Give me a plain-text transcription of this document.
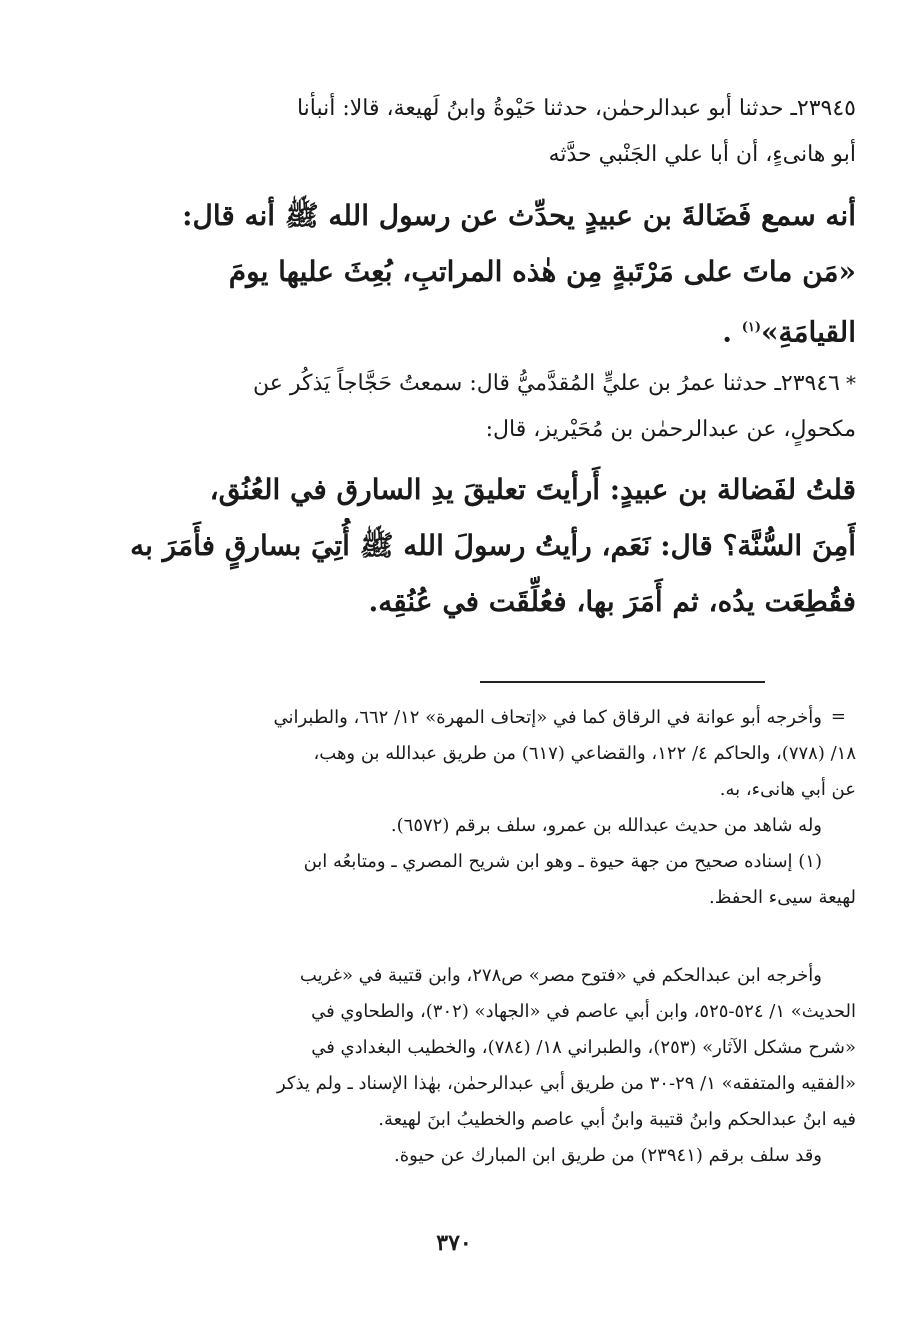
٢٣٩٤٥ـ حدثنا أبو عبدالرحمٰن، حدثنا حَيْوةُ وابنُ لَهيعة، قالا: أنبأنا
أبو هانىءٍ، أن أبا علي الجَنْبي حدَّثه
أنه سمع فَضَالةَ بن عبيدٍ يحدِّث عن رسول الله ﷺ أنه قال:
«مَن ماتَ على مَرْتَبةٍ مِن هٰذه المراتبِ، بُعِثَ عليها يومَ
القيامَةِ»$^{(١)}$ .
*٢٣٩٤٦ـ حدثنا عمرُ بن عليٍّ المُقدَّميُّ قال: سمعتُ حَجَّاجاً يَذكُر عن
مكحولٍ، عن عبدالرحمٰن بن مُحَيْريز، قال:
قلتُ لفَضالة بن عبيدٍ: أَرأيتَ تعليقَ يدِ السارق في العُنُق،
أَمِنَ السُّنَّة؟ قال: نَعَم، رأيتُ رسولَ الله ﷺ أُتِيَ بسارقٍ فأَمَرَ به
فقُطِعَت يدُه، ثم أَمَرَ بها، فعُلِّقَت في عُنُقِه.
=
وأخرجه أبو عوانة في الرقاق كما في «إتحاف المهرة» ١٢/ ٦٦٢، والطبراني
١٨/ (٧٧٨)، والحاكم ٤/ ١٢٢، والقضاعي (٦١٧) من طريق عبدالله بن وهب،
عن أبي هانىء، به.
وله شاهد من حديث عبدالله بن عمرو، سلف برقم (٦٥٧٢).
(١) إسناده صحيح من جهة حيوة ـ وهو ابن شريح المصري ـ ومتابعُه ابن
لهيعة سيىء الحفظ.
وأخرجه ابن عبدالحكم في «فتوح مصر» ص٢٧٨، وابن قتيبة في «غريب
الحديث» ١/ ٥٢٤-٥٢٥، وابن أبي عاصم في «الجهاد» (٣٠٢)، والطحاوي في
«شرح مشكل الآثار» (٢٥٣)، والطبراني ١٨/ (٧٨٤)، والخطيب البغدادي في
«الفقيه والمتفقه» ١/ ٢٩-٣٠ من طريق أبي عبدالرحمٰن، بهٰذا الإسناد ـ ولم يذكر
فيه ابنُ عبدالحكم وابنُ قتيبة وابنُ أبي عاصم والخطيبُ ابنَ لهيعة.
وقد سلف برقم (٢٣٩٤١) من طريق ابن المبارك عن حيوة.
٣٧٠
